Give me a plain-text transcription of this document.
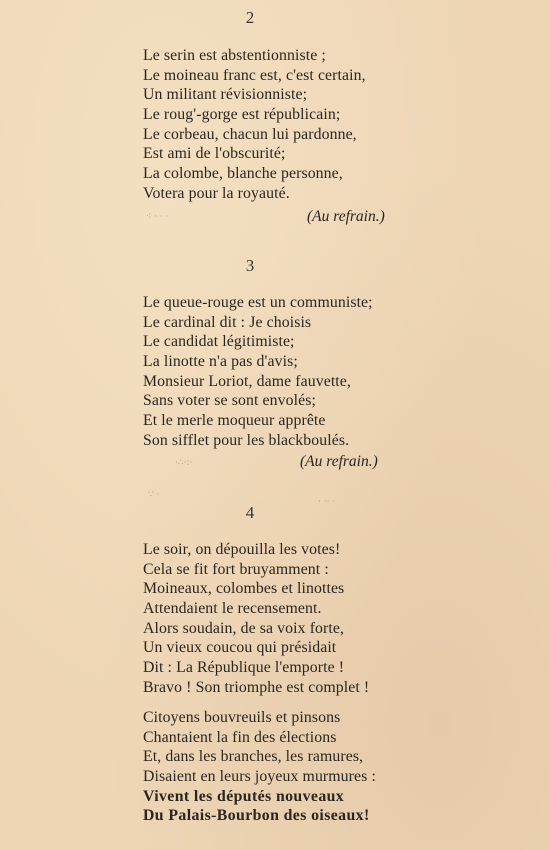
2
Le serin est abstentionniste ;
Le moineau franc est, c'est certain,
Un militant révisionniste;
Le roug'-gorge est républicain;
Le corbeau, chacun lui pardonne,
Est ami de l'obscurité;
La colombe, blanche personne,
Votera pour la royauté.
(Au refrain.)
3
Le queue-rouge est un communiste;
Le cardinal dit : Je choisis
Le candidat légitimiste;
La linotte n'a pas d'avis;
Monsieur Loriot, dame fauvette,
Sans voter se sont envolés;
Et le merle moqueur apprête
Son sifflet pour les blackboulés.
(Au refrain.)
4
Le soir, on dépouilla les votes!
Cela se fit fort bruyamment :
Moineaux, colombes et linottes
Attendaient le recensement.
Alors soudain, de sa voix forte,
Un vieux coucou qui présidait
Dit : La République l'emporte !
Bravo ! Son triomphe est complet !
Citoyens bouvreuils et pinsons
Chantaient la fin des élections
Et, dans les branches, les ramures,
Disaient en leurs joyeux murmures :
Vivent les députés nouveaux
Du Palais-Bourbon des oiseaux!
⁖ · · ·
·∴·:·
∵ ·
· ·· ·
